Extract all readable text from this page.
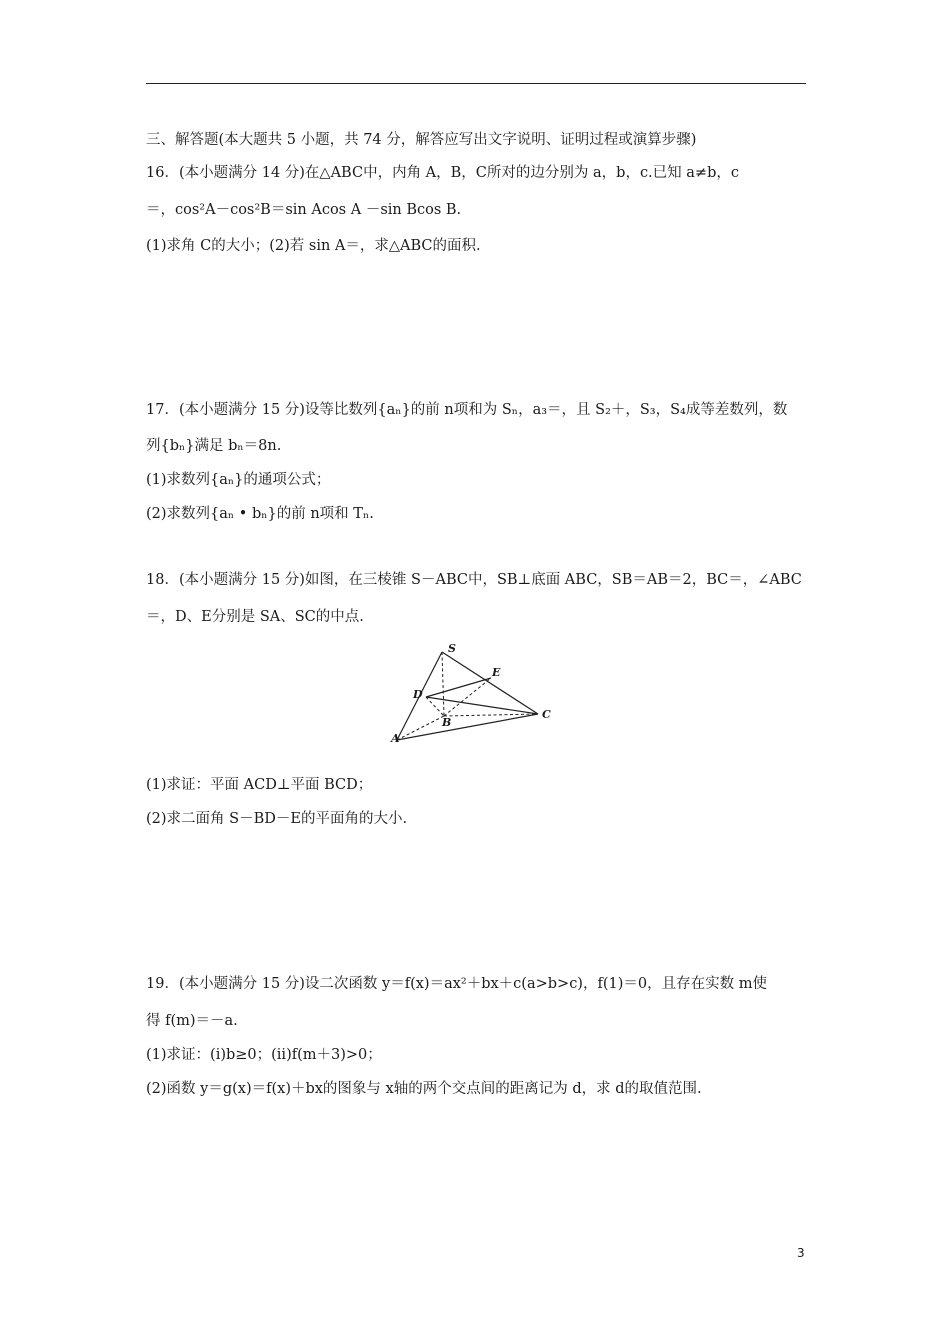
三、解答题(本大题共 5 小题，共 74 分，解答应写出文字说明、证明过程或演算步骤)
16．(本小题满分 14 分)在△ABC中，内角 A，B，C所对的边分别为 a，b，c.已知 a≠b，c
＝，cos²A－cos²B＝sin Acos A －sin Bcos B.
(1)求角 C的大小；(2)若 sin A＝，求△ABC的面积.
17．(本小题满分 15 分)设等比数列{aₙ}的前 n项和为 Sₙ，a₃＝，且 S₂＋，S₃，S₄成等差数列，数
列{bₙ}满足 bₙ＝8n.
(1)求数列{aₙ}的通项公式；
(2)求数列{aₙ • bₙ}的前 n项和 Tₙ.
18．(本小题满分 15 分)如图，在三棱锥 S－ABC中，SB⊥底面 ABC，SB＝AB＝2，BC＝，∠ABC
＝，D、E分别是 SA、SC的中点.
S
E
D
B
C
A
(1)求证：平面 ACD⊥平面 BCD；
(2)求二面角 S－BD－E的平面角的大小.
19．(本小题满分 15 分)设二次函数 y＝f(x)＝ax²＋bx＋c(a>b>c)，f(1)＝0，且存在实数 m使
得 f(m)＝－a.
(1)求证：(ⅰ)b≥0；(ⅱ)f(m＋3)>0；
(2)函数 y＝g(x)＝f(x)＋bx的图象与 x轴的两个交点间的距离记为 d，求 d的取值范围.
3
